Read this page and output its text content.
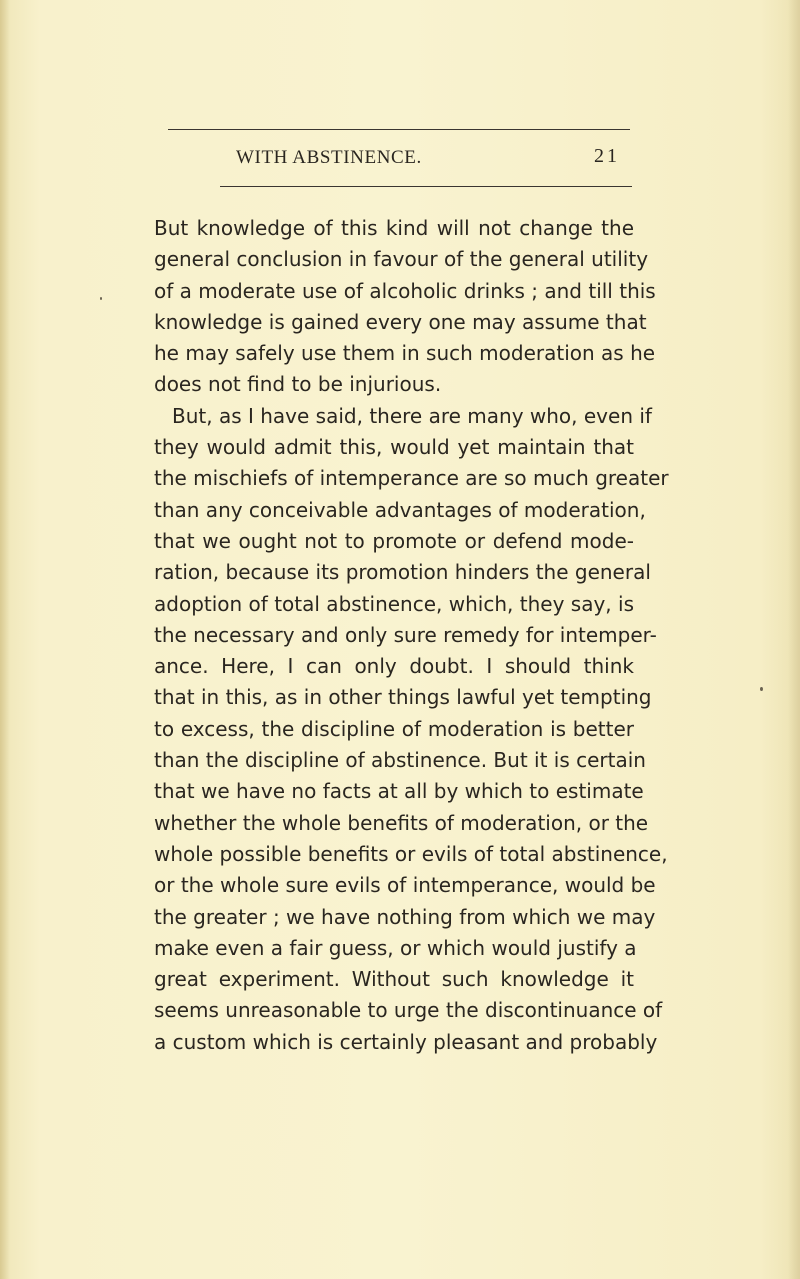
WITH ABSTINENCE.	21
But knowledge of this kind will not change the
general conclusion in favour of the general utility
of a moderate use of alcoholic drinks ; and till this
knowledge is gained every one may assume that
he may safely use them in such moderation as he
does not find to be injurious.
But, as I have said, there are many who, even if
they would admit this, would yet maintain that
the mischiefs of intemperance are so much greater
than any conceivable advantages of moderation,
that we ought not to promote or defend mode-
ration, because its promotion hinders the general
adoption of total abstinence, which, they say, is
the necessary and only sure remedy for intemper-
ance. Here, I can only doubt. I should think
that in this, as in other things lawful yet tempting
to excess, the discipline of moderation is better
than the discipline of abstinence. But it is certain
that we have no facts at all by which to estimate
whether the whole benefits of moderation, or the
whole possible benefits or evils of total abstinence,
or the whole sure evils of intemperance, would be
the greater ; we have nothing from which we may
make even a fair guess, or which would justify a
great experiment. Without such knowledge it
seems unreasonable to urge the discontinuance of
a custom which is certainly pleasant and probably
